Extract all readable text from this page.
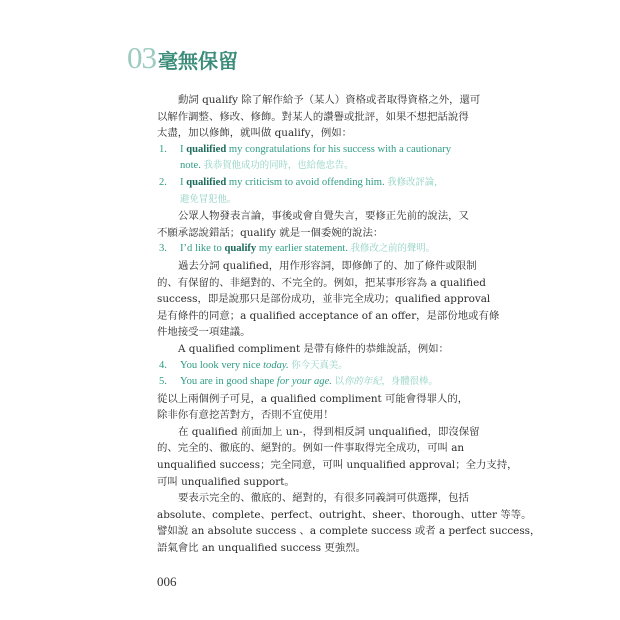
03 毫無保留
動詞 qualify 除了解作給予（某人）資格或者取得資格之外，還可
以解作調整、修改、修飾。對某人的讚譽或批評，如果不想把話說得
太盡，加以修飾，就叫做 qualify，例如：
1.	I qualified my congratulations for his success with a cautionary
note. 我恭賀他成功的同時，也給他忠告。
2.	I qualified my criticism to avoid offending him. 我修改評論，
避免冒犯他。
公眾人物發表言論，事後或會自覺失言，要修正先前的說法，又
不願承認說錯話；qualify 就是一個委婉的說法：
3.	I’d like to qualify my earlier statement. 我修改之前的聲明。
過去分詞 qualified，用作形容詞，即修飾了的、加了條件或限制
的、有保留的、非絕對的、不完全的。例如，把某事形容為 a qualified
success，即是說那只是部份成功，並非完全成功；qualified approval
是有條件的同意；a qualified acceptance of an offer，是部份地或有條
件地接受一項建議。
A qualified compliment 是帶有條件的恭維說話，例如：
4.	You look very nice today. 你今天真美。
5.	You are in good shape for your age. 以你的年紀，身體很棒。
從以上兩個例子可見，a qualified compliment 可能會得罪人的，
除非你有意挖苦對方，否則不宜使用！
在 qualified 前面加上 un-，得到相反詞 unqualified，即沒保留
的、完全的、徹底的、絕對的。例如一件事取得完全成功，可叫 an
unqualified success；完全同意，可叫 unqualified approval；全力支持，
可叫 unqualified support。
要表示完全的、徹底的、絕對的，有很多同義詞可供選擇，包括
absolute、complete、perfect、outright、sheer、thorough、utter 等等。
譬如說 an absolute success 、a complete success 或者 a perfect success，
語氣會比 an unqualified success 更強烈。
006
